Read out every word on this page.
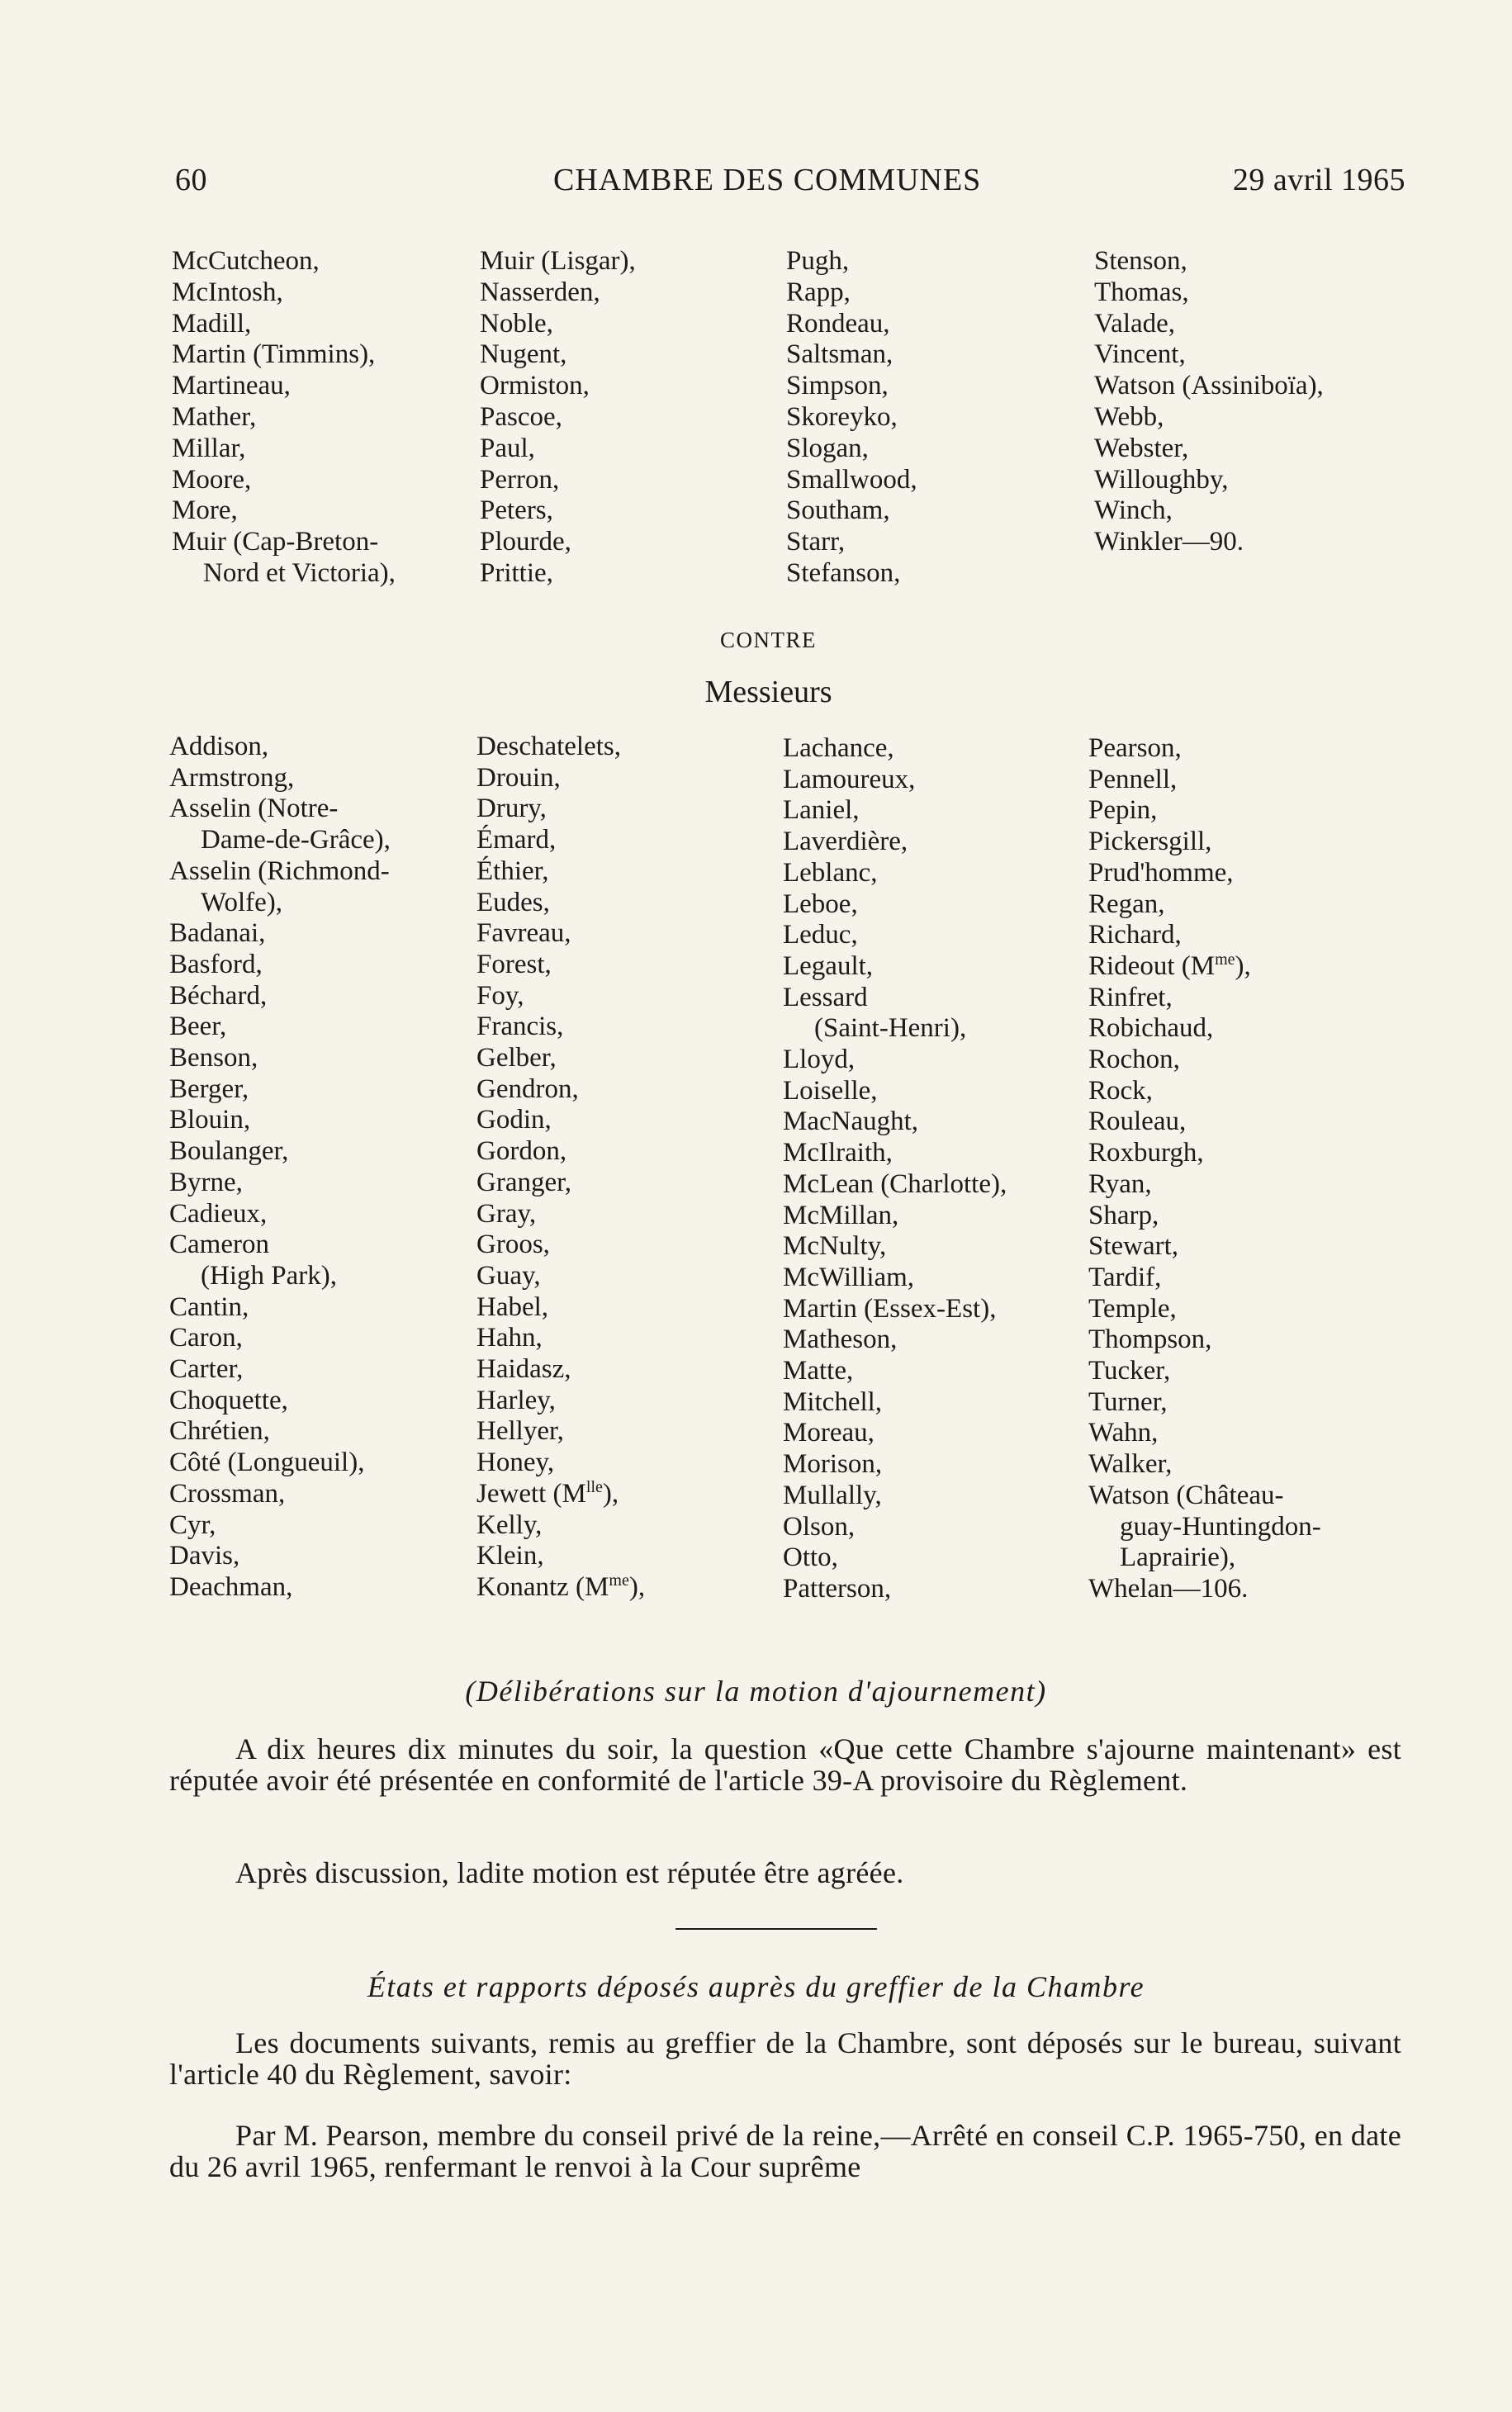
60	CHAMBRE DES COMMUNES	29 avril 1965
McCutcheon,
McIntosh,
Madill,
Martin (Timmins),
Martineau,
Mather,
Millar,
Moore,
More,
Muir (Cap-Breton-
Nord et Victoria),
Muir (Lisgar),
Nasserden,
Noble,
Nugent,
Ormiston,
Pascoe,
Paul,
Perron,
Peters,
Plourde,
Prittie,
Pugh,
Rapp,
Rondeau,
Saltsman,
Simpson,
Skoreyko,
Slogan,
Smallwood,
Southam,
Starr,
Stefanson,
Stenson,
Thomas,
Valade,
Vincent,
Watson (Assiniboïa),
Webb,
Webster,
Willoughby,
Winch,
Winkler—90.
CONTRE
Messieurs
Addison,
Armstrong,
Asselin (Notre-
Dame-de-Grâce),
Asselin (Richmond-
Wolfe),
Badanai,
Basford,
Béchard,
Beer,
Benson,
Berger,
Blouin,
Boulanger,
Byrne,
Cadieux,
Cameron
(High Park),
Cantin,
Caron,
Carter,
Choquette,
Chrétien,
Côté (Longueuil),
Crossman,
Cyr,
Davis,
Deachman,
Deschatelets,
Drouin,
Drury,
Émard,
Éthier,
Eudes,
Favreau,
Forest,
Foy,
Francis,
Gelber,
Gendron,
Godin,
Gordon,
Granger,
Gray,
Groos,
Guay,
Habel,
Hahn,
Haidasz,
Harley,
Hellyer,
Honey,
Jewett $(M^{lle})$,
Kelly,
Klein,
Konantz $(M^{me})$,
Lachance,
Lamoureux,
Laniel,
Laverdière,
Leblanc,
Leboe,
Leduc,
Legault,
Lessard
(Saint-Henri),
Lloyd,
Loiselle,
MacNaught,
McIlraith,
McLean (Charlotte),
McMillan,
McNulty,
McWilliam,
Martin (Essex-Est),
Matheson,
Matte,
Mitchell,
Moreau,
Morison,
Mullally,
Olson,
Otto,
Patterson,
Pearson,
Pennell,
Pepin,
Pickersgill,
Prud'homme,
Regan,
Richard,
Rideout $(M^{me})$,
Rinfret,
Robichaud,
Rochon,
Rock,
Rouleau,
Roxburgh,
Ryan,
Sharp,
Stewart,
Tardif,
Temple,
Thompson,
Tucker,
Turner,
Wahn,
Walker,
Watson (Château-
guay-Huntingdon-
Laprairie),
Whelan—106.
(Délibérations sur la motion d'ajournement)
A dix heures dix minutes du soir, la question «Que cette Chambre s'ajourne maintenant» est réputée avoir été présentée en conformité de l'article 39-A provisoire du Règlement.
Après discussion, ladite motion est réputée être agréée.
États et rapports déposés auprès du greffier de la Chambre
Les documents suivants, remis au greffier de la Chambre, sont déposés sur le bureau, suivant l'article 40 du Règlement, savoir:
Par M. Pearson, membre du conseil privé de la reine,—Arrêté en conseil C.P. 1965-750, en date du 26 avril 1965, renfermant le renvoi à la Cour suprême
